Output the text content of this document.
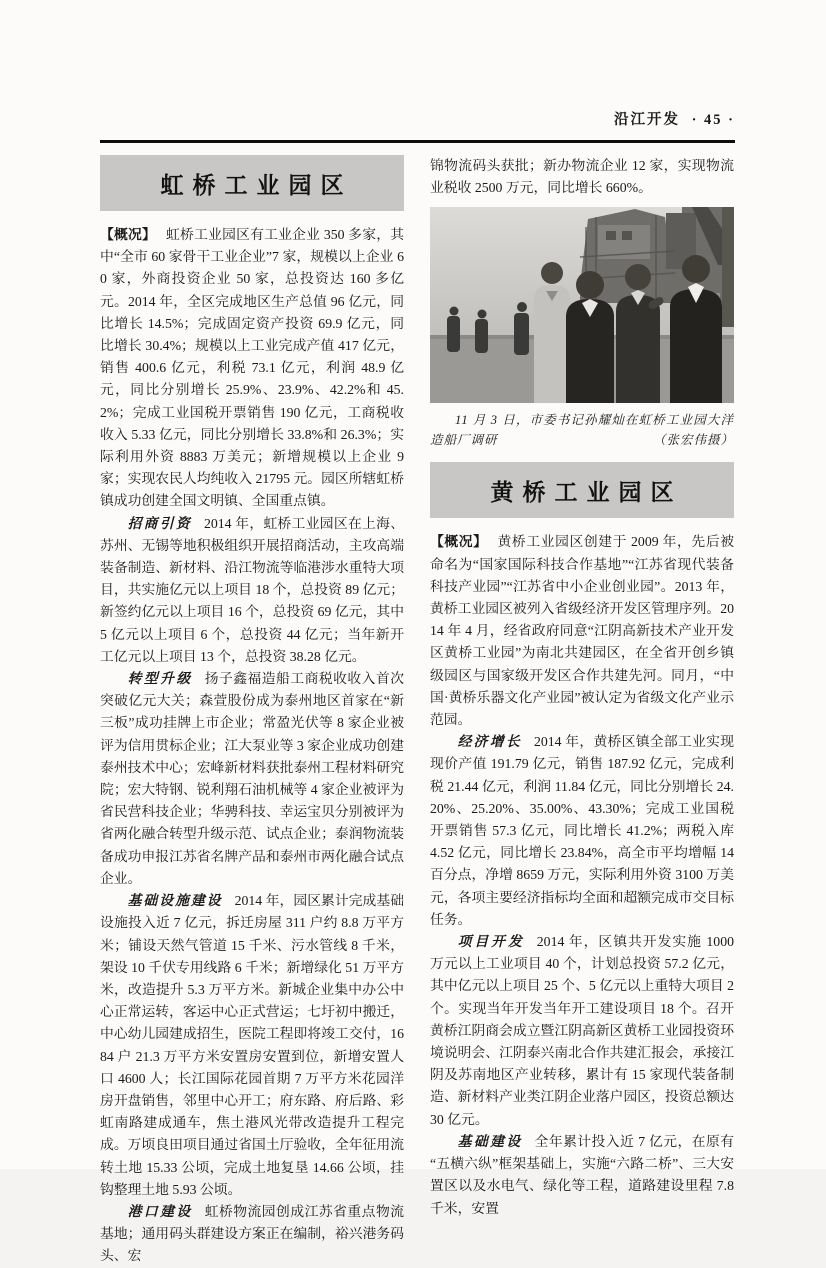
沿江开发 · 45 ·
虹桥工业园区

【概况】 虹桥工业园区有工业企业 350 多家，其中“全市 60 家骨干工业企业”7 家，规模以上企业 60 家，外商投资企业 50 家，总投资达 160 多亿元。2014 年，全区完成地区生产总值 96 亿元，同比增长 14.5%；完成固定资产投资 69.9 亿元，同比增长 30.4%；规模以上工业完成产值 417 亿元，销售 400.6 亿元，利税 73.1 亿元，利润 48.9 亿元，同比分别增长 25.9%、23.9%、42.2%和 45.2%；完成工业国税开票销售 190 亿元，工商税收收入 5.33 亿元，同比分别增长 33.8%和 26.3%；实际利用外资 8883 万美元；新增规模以上企业 9 家；实现农民人均纯收入 21795 元。园区所辖虹桥镇成功创建全国文明镇、全国重点镇。

招商引资 2014 年，虹桥工业园区在上海、苏州、无锡等地积极组织开展招商活动，主攻高端装备制造、新材料、沿江物流等临港涉水重特大项目，共实施亿元以上项目 18 个，总投资 89 亿元；新签约亿元以上项目 16 个，总投资 69 亿元，其中 5 亿元以上项目 6 个，总投资 44 亿元；当年新开工亿元以上项目 13 个，总投资 38.28 亿元。

转型升级 扬子鑫福造船工商税收收入首次突破亿元大关；森萱股份成为泰州地区首家在“新三板”成功挂牌上市企业；常盈光伏等 8 家企业被评为信用贯标企业；江大泵业等 3 家企业成功创建泰州技术中心；宏峰新材料获批泰州工程材料研究院；宏大特钢、锐利翔石油机械等 4 家企业被评为省民营科技企业；华骋科技、幸运宝贝分别被评为省两化融合转型升级示范、试点企业；泰润物流装备成功申报江苏省名牌产品和泰州市两化融合试点企业。

基础设施建设 2014 年，园区累计完成基础设施投入近 7 亿元，拆迁房屋 311 户约 8.8 万平方米；铺设天然气管道 15 千米、污水管线 8 千米，架设 10 千伏专用线路 6 千米；新增绿化 51 万平方米，改造提升 5.3 万平方米。新城企业集中办公中心正常运转，客运中心正式营运；七圩初中搬迁，中心幼儿园建成招生，医院工程即将竣工交付，1684 户 21.3 万平方米安置房安置到位，新增安置人口 4600 人；长江国际花园首期 7 万平方米花园洋房开盘销售，邻里中心开工；府东路、府后路、彩虹南路建成通车，焦土港风光带改造提升工程完成。万顷良田项目通过省国土厅验收，全年征用流转土地 15.33 公顷，完成土地复垦 14.66 公顷，挂钩整理土地 5.93 公顷。

港口建设 虹桥物流园创成江苏省重点物流基地；通用码头群建设方案正在编制，裕兴港务码头、宏

锦物流码头获批；新办物流企业 12 家，实现物流业税收 2500 万元，同比增长 660%。

11 月 3 日，市委书记孙耀灿在虹桥工业园大洋造船厂调研	（张宏伟摄）
黄桥工业园区

【概况】 黄桥工业园区创建于 2009 年，先后被命名为“国家国际科技合作基地”“江苏省现代装备科技产业园”“江苏省中小企业创业园”。2013 年，黄桥工业园区被列入省级经济开发区管理序列。2014 年 4 月，经省政府同意“江阴高新技术产业开发区黄桥工业园”为南北共建园区，在全省开创乡镇级园区与国家级开发区合作共建先河。同月，“中国·黄桥乐器文化产业园”被认定为省级文化产业示范园。

经济增长 2014 年，黄桥区镇全部工业实现现价产值 191.79 亿元，销售 187.92 亿元，完成利税 21.44 亿元，利润 11.84 亿元，同比分别增长 24.20%、25.20%、35.00%、43.30%；完成工业国税开票销售 57.3 亿元，同比增长 41.2%；两税入库 4.52 亿元，同比增长 23.84%，高全市平均增幅 14 百分点，净增 8659 万元，实际利用外资 3100 万美元，各项主要经济指标均全面和超额完成市交目标任务。

项目开发 2014 年，区镇共开发实施 1000 万元以上工业项目 40 个，计划总投资 57.2 亿元，其中亿元以上项目 25 个、5 亿元以上重特大项目 2 个。实现当年开发当年开工建设项目 18 个。召开黄桥江阴商会成立暨江阴高新区黄桥工业园投资环境说明会、江阴泰兴南北合作共建汇报会，承接江阴及苏南地区产业转移，累计有 15 家现代装备制造、新材料产业类江阴企业落户园区，投资总额达 30 亿元。

基础建设 全年累计投入近 7 亿元，在原有“五横六纵”框架基础上，实施“六路二桥”、三大安置区以及水电气、绿化等工程，道路建设里程 7.8 千米，安置
